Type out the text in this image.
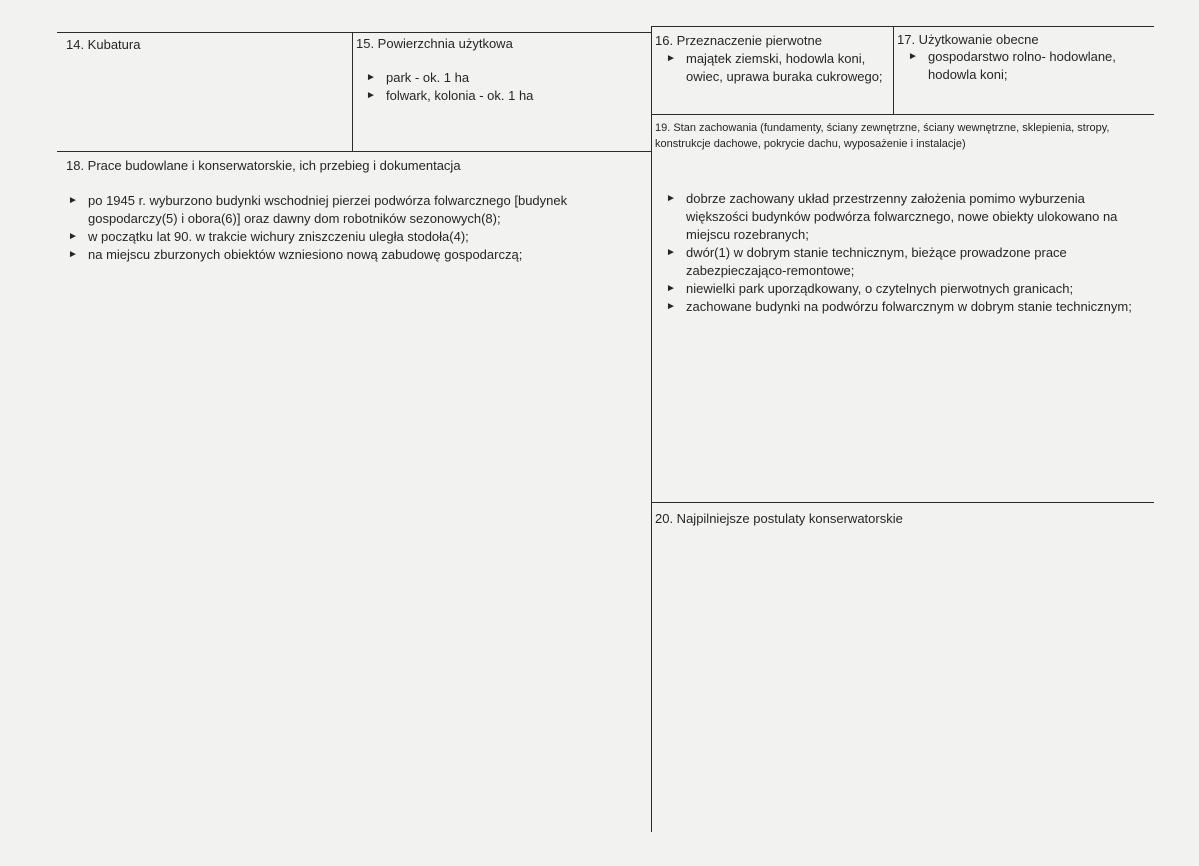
14. Kubatura	15. Powierzchnia użytkowa
► park - ok. 1 ha
► folwark, kolonia - ok. 1 ha
16. Przeznaczenie pierwotne
► majątek ziemski, hodowla koni, owiec, uprawa buraka cukrowego;
17. Użytkowanie obecne
► gospodarstwo rolno- hodowlane, hodowla koni;
18. Prace budowlane i konserwatorskie, ich przebieg i dokumentacja
► po 1945 r. wyburzono budynki wschodniej pierzei podwórza folwarcznego [budynek gospodarczy(5) i obora(6)] oraz dawny dom robotników sezonowych(8);
► w początku lat 90. w trakcie wichury zniszczeniu uległa stodoła(4);
► na miejscu zburzonych obiektów wzniesiono nową zabudowę gospodarczą;
19. Stan zachowania (fundamenty, ściany zewnętrzne, ściany wewnętrzne, sklepienia, stropy, konstrukcje dachowe, pokrycie dachu, wyposażenie i instalacje)
► dobrze zachowany układ przestrzenny założenia pomimo wyburzenia większości budynków podwórza folwarcznego, nowe obiekty ulokowano na miejscu rozebranych;
► dwór(1) w dobrym stanie technicznym, bieżące prowadzone prace zabezpieczająco-remontowe;
► niewielki park uporządkowany, o czytelnych pierwotnych granicach;
► zachowane budynki na podwórzu folwarcznym w dobrym stanie technicznym;
20. Najpilniejsze postulaty konserwatorskie
